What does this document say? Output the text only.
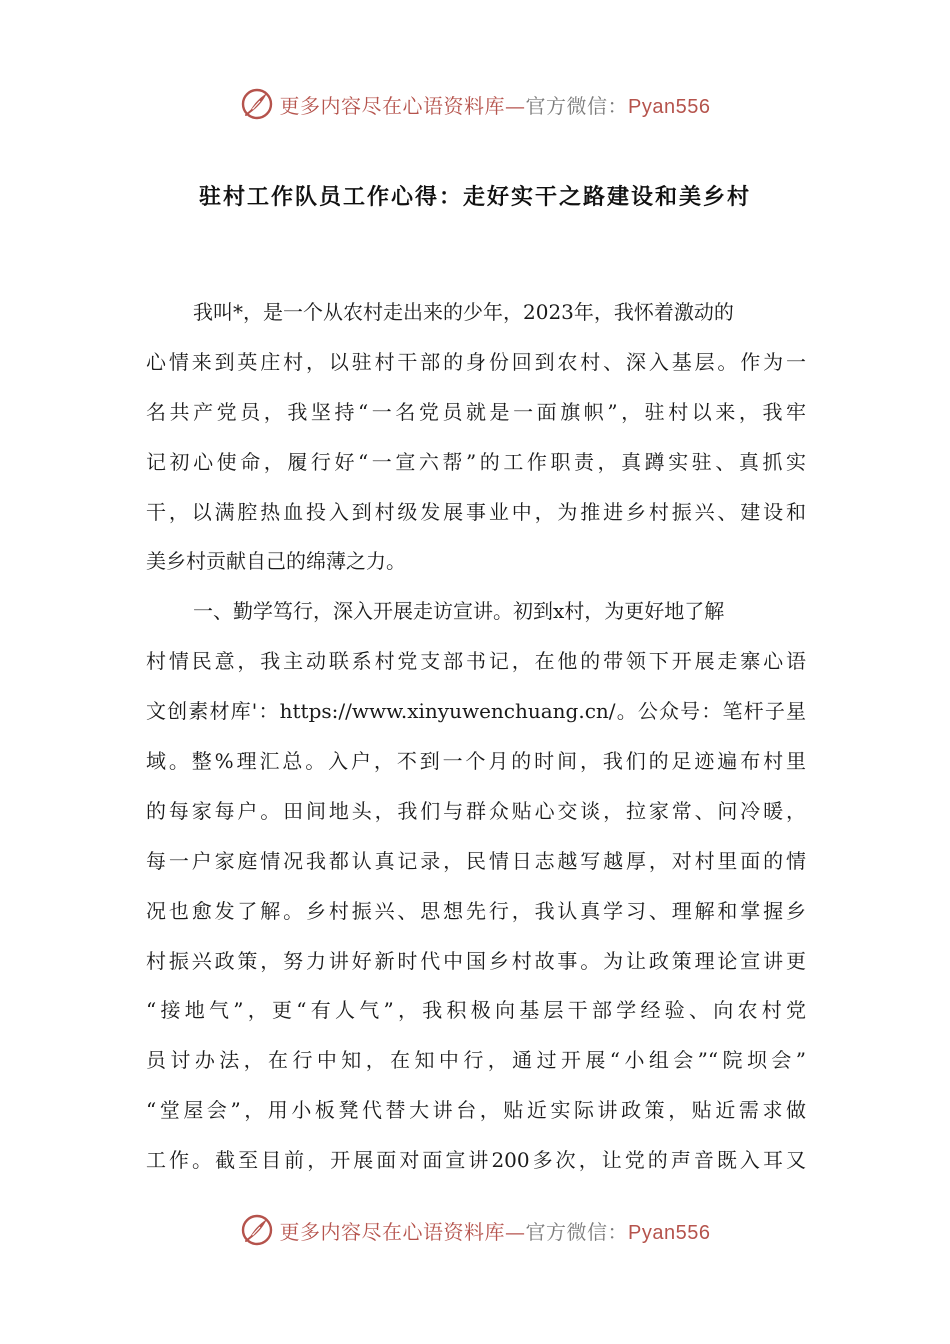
更多内容尽在心语资料库—官方微信：Pyan556
驻村工作队员工作心得：走好实干之路建设和美乡村
我叫*，是一个从农村走出来的少年，2023年，我怀着激动的
心情来到英庄村，以驻村干部的身份回到农村、深入基层。作为一
名共产党员，我坚持“一名党员就是一面旗帜”，驻村以来，我牢
记初心使命，履行好“一宣六帮”的工作职责，真蹲实驻、真抓实
干，以满腔热血投入到村级发展事业中，为推进乡村振兴、建设和
美乡村贡献自己的绵薄之力。
一、勤学笃行，深入开展走访宣讲。初到x村，为更好地了解
村情民意，我主动联系村党支部书记，在他的带领下开展走寨心语
文创素材库'：https://www.xinyuwenchuang.cn/。公众号：笔杆子星
域。整%理汇总。入户，不到一个月的时间，我们的足迹遍布村里
的每家每户。田间地头，我们与群众贴心交谈，拉家常、问冷暖，
每一户家庭情况我都认真记录，民情日志越写越厚，对村里面的情
况也愈发了解。乡村振兴、思想先行，我认真学习、理解和掌握乡
村振兴政策，努力讲好新时代中国乡村故事。为让政策理论宣讲更
“接地气”，更“有人气”，我积极向基层干部学经验、向农村党
员讨办法，在行中知，在知中行，通过开展“小组会”“院坝会”
“堂屋会”，用小板凳代替大讲台，贴近实际讲政策，贴近需求做
工作。截至目前，开展面对面宣讲200多次，让党的声音既入耳又
更多内容尽在心语资料库—官方微信：Pyan556
